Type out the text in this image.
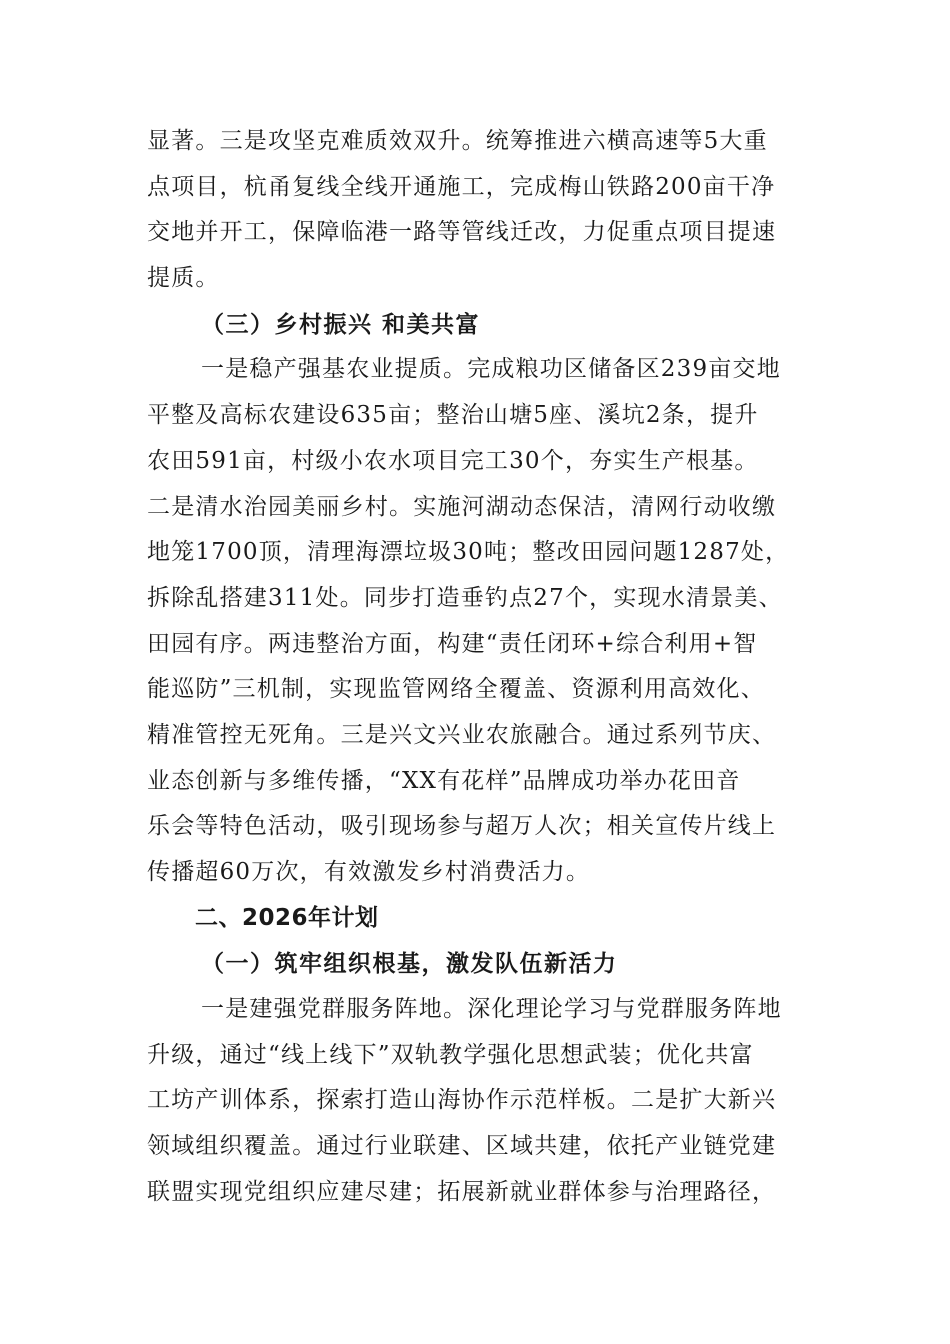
显著。三是攻坚克难质效双升。统筹推进六横高速等5大重
点项目，杭甬复线全线开通施工，完成梅山铁路200亩干净
交地并开工，保障临港一路等管线迁改，力促重点项目提速
提质。
（三）乡村振兴 和美共富
一是稳产强基农业提质。完成粮功区储备区239亩交地
平整及高标农建设635亩；整治山塘5座、溪坑2条，提升
农田591亩，村级小农水项目完工30个，夯实生产根基。
二是清水治园美丽乡村。实施河湖动态保洁，清网行动收缴
地笼1700顶，清理海漂垃圾30吨；整改田园问题1287处，
拆除乱搭建311处。同步打造垂钓点27个，实现水清景美、
田园有序。两违整治方面，构建“责任闭环+综合利用+智
能巡防”三机制，实现监管网络全覆盖、资源利用高效化、
精准管控无死角。三是兴文兴业农旅融合。通过系列节庆、
业态创新与多维传播，“XX有花样”品牌成功举办花田音
乐会等特色活动，吸引现场参与超万人次；相关宣传片线上
传播超60万次，有效激发乡村消费活力。
二、2026年计划
（一）筑牢组织根基，激发队伍新活力
一是建强党群服务阵地。深化理论学习与党群服务阵地
升级，通过“线上线下”双轨教学强化思想武装；优化共富
工坊产训体系，探索打造山海协作示范样板。二是扩大新兴
领域组织覆盖。通过行业联建、区域共建，依托产业链党建
联盟实现党组织应建尽建；拓展新就业群体参与治理路径，
